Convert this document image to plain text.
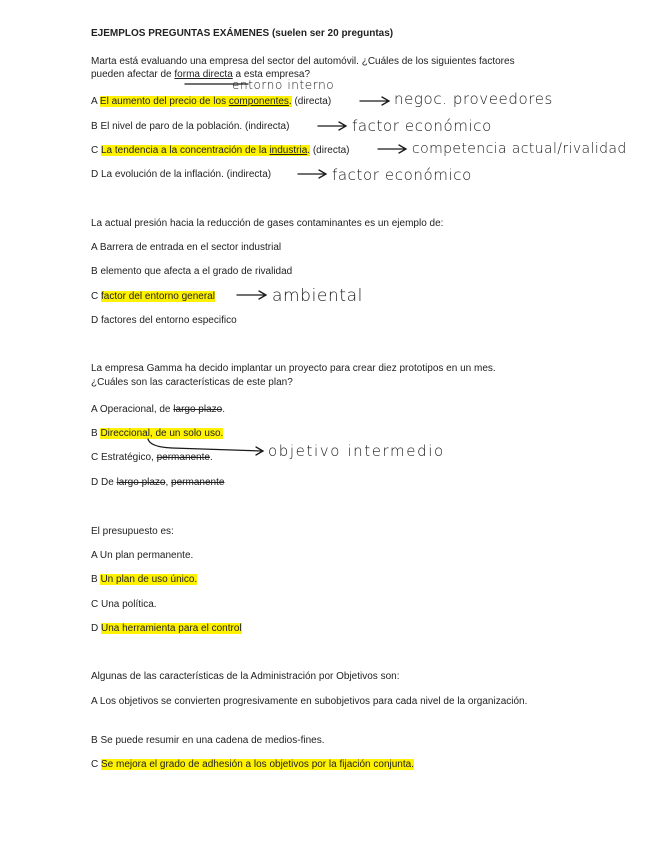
EJEMPLOS PREGUNTAS EXÁMENES (suelen ser 20 preguntas)
Marta está evaluando una empresa del sector del automóvil. ¿Cuáles de los siguientes factores
pueden afectar de forma directa a esta empresa?
entorno interno
A El aumento del precio de los componentes. (directa)	negoc. proveedores
B El nivel de paro de la población. (indirecta)	factor económico
C La tendencia a la concentración de la industria. (directa)	competencia actual/rivalidad
D La evolución de la inflación. (indirecta)	factor económico
La actual presión hacia la reducción de gases contaminantes es un ejemplo de:
A Barrera de entrada en el sector industrial
B elemento que afecta a el grado de rivalidad
C factor del entorno general	ambiental
D factores del entorno especifico
La empresa Gamma ha decido implantar un proyecto para crear diez prototipos en un mes.
¿Cuáles son las características de este plan?
A Operacional, de largo plazo.
B Direccional, de un solo uso.
C Estratégico, permanente.	objetivo intermedio
D De largo plazo, permanente
El presupuesto es:
A Un plan permanente.
B Un plan de uso único.
C Una política.
D Una herramienta para el control
Algunas de las características de la Administración por Objetivos son:
A Los objetivos se convierten progresivamente en subobjetivos para cada nivel de la organización.
B Se puede resumir en una cadena de medios-fines.
C Se mejora el grado de adhesión a los objetivos por la fijación conjunta.
